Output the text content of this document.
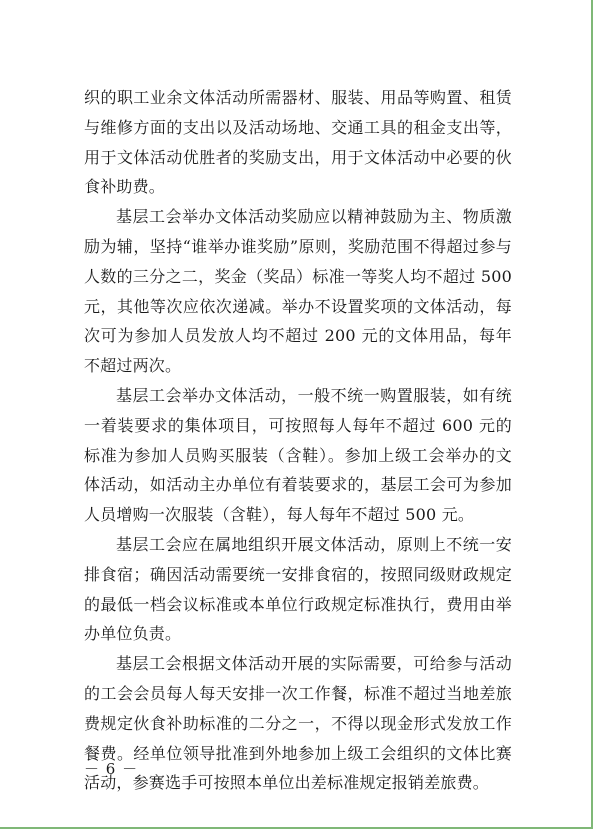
织的职工业余文体活动所需器材、服装、用品等购置、租赁与维修方面的支出以及活动场地、交通工具的租金支出等，用于文体活动优胜者的奖励支出，用于文体活动中必要的伙食补助费。

基层工会举办文体活动奖励应以精神鼓励为主、物质激励为辅，坚持“谁举办谁奖励”原则，奖励范围不得超过参与人数的三分之二，奖金（奖品）标准一等奖人均不超过 500 元，其他等次应依次递减。举办不设置奖项的文体活动，每次可为参加人员发放人均不超过 200 元的文体用品，每年不超过两次。

基层工会举办文体活动，一般不统一购置服装，如有统一着装要求的集体项目，可按照每人每年不超过 600 元的标准为参加人员购买服装（含鞋）。参加上级工会举办的文体活动，如活动主办单位有着装要求的，基层工会可为参加人员增购一次服装（含鞋），每人每年不超过 500 元。

基层工会应在属地组织开展文体活动，原则上不统一安排食宿；确因活动需要统一安排食宿的，按照同级财政规定的最低一档会议标准或本单位行政规定标准执行，费用由举办单位负责。

基层工会根据文体活动开展的实际需要，可给参与活动的工会会员每人每天安排一次工作餐，标准不超过当地差旅费规定伙食补助标准的二分之一，不得以现金形式发放工作餐费。经单位领导批准到外地参加上级工会组织的文体比赛活动，参赛选手可按照本单位出差标准规定报销差旅费。

－ 6 －
